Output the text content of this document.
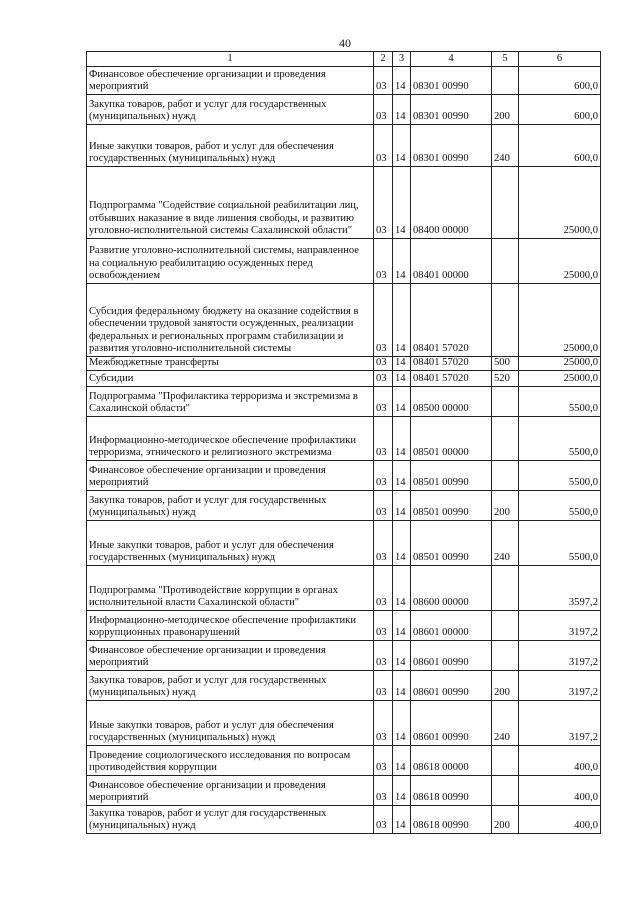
40
1	2	3	4	5	6
Финансовое обеспечение организации и проведения мероприятий	03	14	08301 00990		600,0
Закупка товаров, работ и услуг для государственных (муниципальных) нужд	03	14	08301 00990	200	600,0
Иные закупки товаров, работ и услуг для обеспечения государственных (муниципальных) нужд	03	14	08301 00990	240	600,0
Подпрограмма "Содействие социальной реабилитации лиц, отбывших наказание в виде лишения свободы, и развитию уголовно-исполнительной системы Сахалинской области"	03	14	08400 00000		25000,0
Развитие уголовно-исполнительной системы, направленное на социальную реабилитацию осужденных перед освобождением	03	14	08401 00000		25000,0
Субсидия федеральному бюджету на оказание содействия в обеспечении трудовой занятости осужденных, реализации федеральных и региональных программ стабилизации и развития уголовно-исполнительной системы	03	14	08401 57020		25000,0
Межбюджетные трансферты	03	14	08401 57020	500	25000,0
Субсидии	03	14	08401 57020	520	25000,0
Подпрограмма "Профилактика терроризма и экстремизма в Сахалинской области"	03	14	08500 00000		5500,0
Информационно-методическое обеспечение профилактики терроризма, этнического и религиозного экстремизма	03	14	08501 00000		5500,0
Финансовое обеспечение организации и проведения мероприятий	03	14	08501 00990		5500,0
Закупка товаров, работ и услуг для государственных (муниципальных) нужд	03	14	08501 00990	200	5500,0
Иные закупки товаров, работ и услуг для обеспечения государственных (муниципальных) нужд	03	14	08501 00990	240	5500,0
Подпрограмма "Противодействие коррупции в органах исполнительной власти Сахалинской области"	03	14	08600 00000		3597,2
Информационно-методическое обеспечение профилактики коррупционных правонарушений	03	14	08601 00000		3197,2
Финансовое обеспечение организации и проведения мероприятий	03	14	08601 00990		3197,2
Закупка товаров, работ и услуг для государственных (муниципальных) нужд	03	14	08601 00990	200	3197,2
Иные закупки товаров, работ и услуг для обеспечения государственных (муниципальных) нужд	03	14	08601 00990	240	3197,2
Проведение социологического исследования по вопросам противодействия коррупции	03	14	08618 00000		400,0
Финансовое обеспечение организации и проведения мероприятий	03	14	08618 00990		400,0
Закупка товаров, работ и услуг для государственных (муниципальных) нужд	03	14	08618 00990	200	400,0
